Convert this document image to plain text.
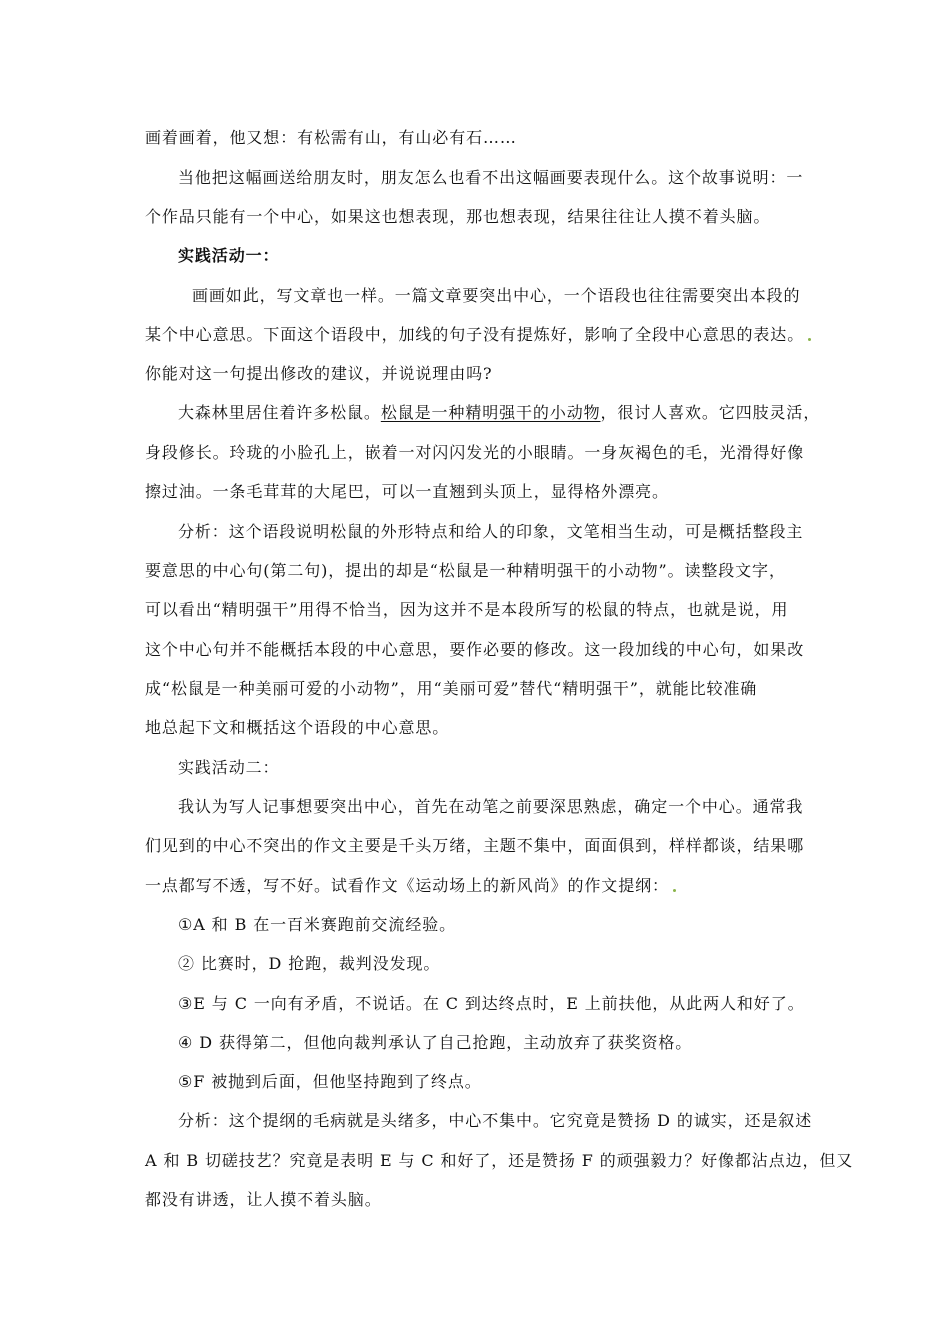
画着画着，他又想：有松需有山，有山必有石……
当他把这幅画送给朋友时，朋友怎么也看不出这幅画要表现什么。这个故事说明：一
个作品只能有一个中心，如果这也想表现，那也想表现，结果往往让人摸不着头脑。
实践活动一：
画画如此，写文章也一样。一篇文章要突出中心，一个语段也往往需要突出本段的
某个中心意思。下面这个语段中，加线的句子没有提炼好，影响了全段中心意思的表达。
你能对这一句提出修改的建议，并说说理由吗?
大森林里居住着许多松鼠。松鼠是一种精明强干的小动物，很讨人喜欢。它四肢灵活，
身段修长。玲珑的小脸孔上，嵌着一对闪闪发光的小眼睛。一身灰褐色的毛，光滑得好像
擦过油。一条毛茸茸的大尾巴，可以一直翘到头顶上，显得格外漂亮。
分析：这个语段说明松鼠的外形特点和给人的印象，文笔相当生动，可是概括整段主
要意思的中心句(第二句)，提出的却是“松鼠是一种精明强干的小动物”。读整段文字，
可以看出“精明强干”用得不恰当，因为这并不是本段所写的松鼠的特点，也就是说，用
这个中心句并不能概括本段的中心意思，要作必要的修改。这一段加线的中心句，如果改
成“松鼠是一种美丽可爱的小动物”，用“美丽可爱”替代“精明强干”，就能比较准确
地总起下文和概括这个语段的中心意思。
实践活动二：
我认为写人记事想要突出中心，首先在动笔之前要深思熟虑，确定一个中心。通常我
们见到的中心不突出的作文主要是千头万绪，主题不集中，面面俱到，样样都谈，结果哪
一点都写不透，写不好。试看作文《运动场上的新风尚》的作文提纲：
①A 和 B 在一百米赛跑前交流经验。
② 比赛时，D 抢跑，裁判没发现。
③E 与 C 一向有矛盾，不说话。在 C 到达终点时，E 上前扶他，从此两人和好了。
④ D 获得第二，但他向裁判承认了自己抢跑，主动放弃了获奖资格。
⑤F 被抛到后面，但他坚持跑到了终点。
分析：这个提纲的毛病就是头绪多，中心不集中。它究竟是赞扬 D 的诚实，还是叙述
A 和 B 切磋技艺？究竟是表明 E 与 C 和好了，还是赞扬 F 的顽强毅力？好像都沾点边，但又
都没有讲透，让人摸不着头脑。
